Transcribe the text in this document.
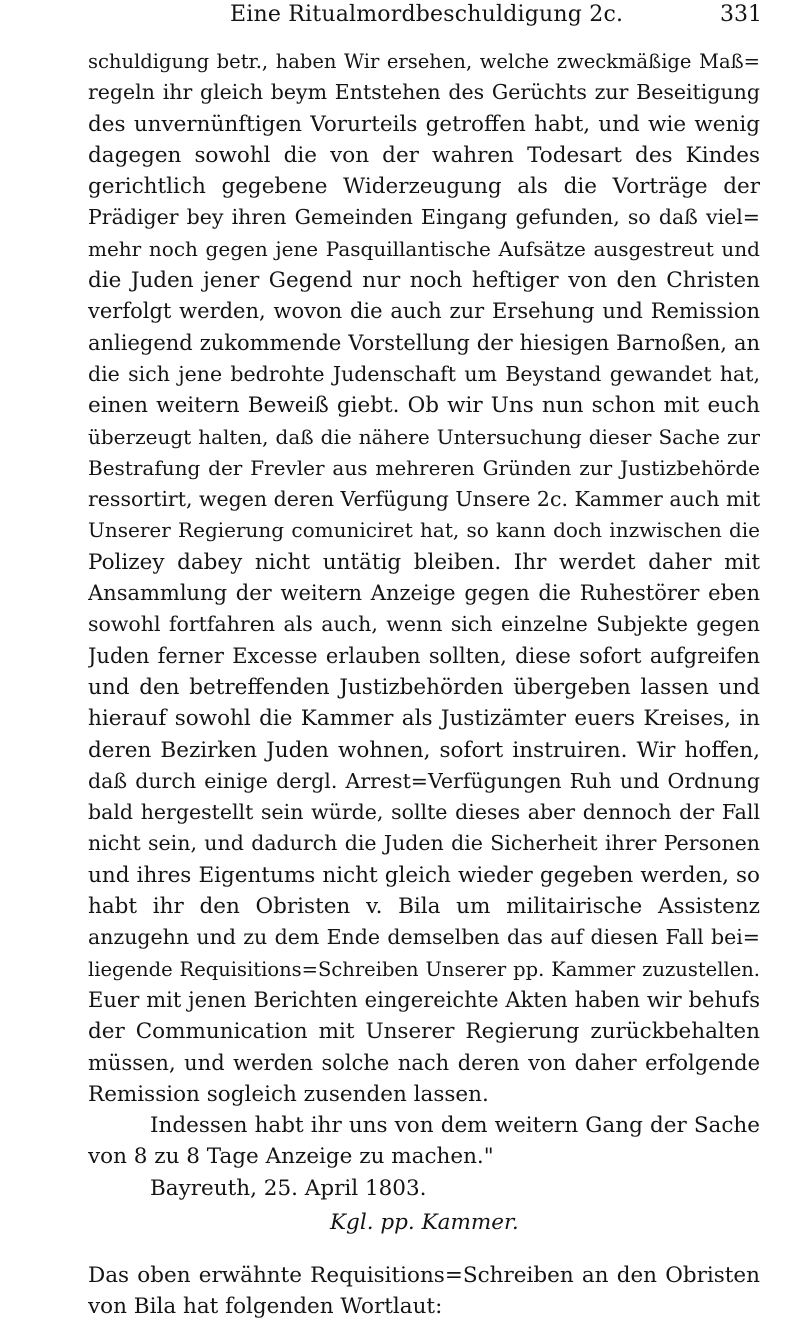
Eine Ritualmordbeschuldigung 2c.	331
schuldigung betr., haben Wir ersehen, welche zweckmäßige Maß=
regeln ihr gleich beym Entstehen des Gerüchts zur Beseitigung
des unvernünftigen Vorurteils getroffen habt, und wie wenig
dagegen sowohl die von der wahren Todesart des Kindes
gerichtlich gegebene Widerzeugung als die Vorträge der
Prädiger bey ihren Gemeinden Eingang gefunden, so daß viel=
mehr noch gegen jene Pasquillantische Aufsätze ausgestreut und
die Juden jener Gegend nur noch heftiger von den Christen
verfolgt werden, wovon die auch zur Ersehung und Remission
anliegend zukommende Vorstellung der hiesigen Barnoßen, an
die sich jene bedrohte Judenschaft um Beystand gewandet hat,
einen weitern Beweiß giebt. Ob wir Uns nun schon mit euch
überzeugt halten, daß die nähere Untersuchung dieser Sache zur
Bestrafung der Frevler aus mehreren Gründen zur Justizbehörde
ressortirt, wegen deren Verfügung Unsere 2c. Kammer auch mit
Unserer Regierung comuniciret hat, so kann doch inzwischen die
Polizey dabey nicht untätig bleiben. Ihr werdet daher mit
Ansammlung der weitern Anzeige gegen die Ruhestörer eben
sowohl fortfahren als auch, wenn sich einzelne Subjekte gegen
Juden ferner Excesse erlauben sollten, diese sofort aufgreifen
und den betreffenden Justizbehörden übergeben lassen und
hierauf sowohl die Kammer als Justizämter euers Kreises, in
deren Bezirken Juden wohnen, sofort instruiren. Wir hoffen,
daß durch einige dergl. Arrest=Verfügungen Ruh und Ordnung
bald hergestellt sein würde, sollte dieses aber dennoch der Fall
nicht sein, und dadurch die Juden die Sicherheit ihrer Personen
und ihres Eigentums nicht gleich wieder gegeben werden, so
habt ihr den Obristen v. Bila um militairische Assistenz
anzugehn und zu dem Ende demselben das auf diesen Fall bei=
liegende Requisitions=Schreiben Unserer pp. Kammer zuzustellen.
Euer mit jenen Berichten eingereichte Akten haben wir behufs
der Communication mit Unserer Regierung zurückbehalten
müssen, und werden solche nach deren von daher erfolgende
Remission sogleich zusenden lassen.
Indessen habt ihr uns von dem weitern Gang der Sache
von 8 zu 8 Tage Anzeige zu machen."
Bayreuth, 25. April 1803.
Kgl. pp. Kammer.
Das oben erwähnte Requisitions=Schreiben an den Obristen
von Bila hat folgenden Wortlaut:
